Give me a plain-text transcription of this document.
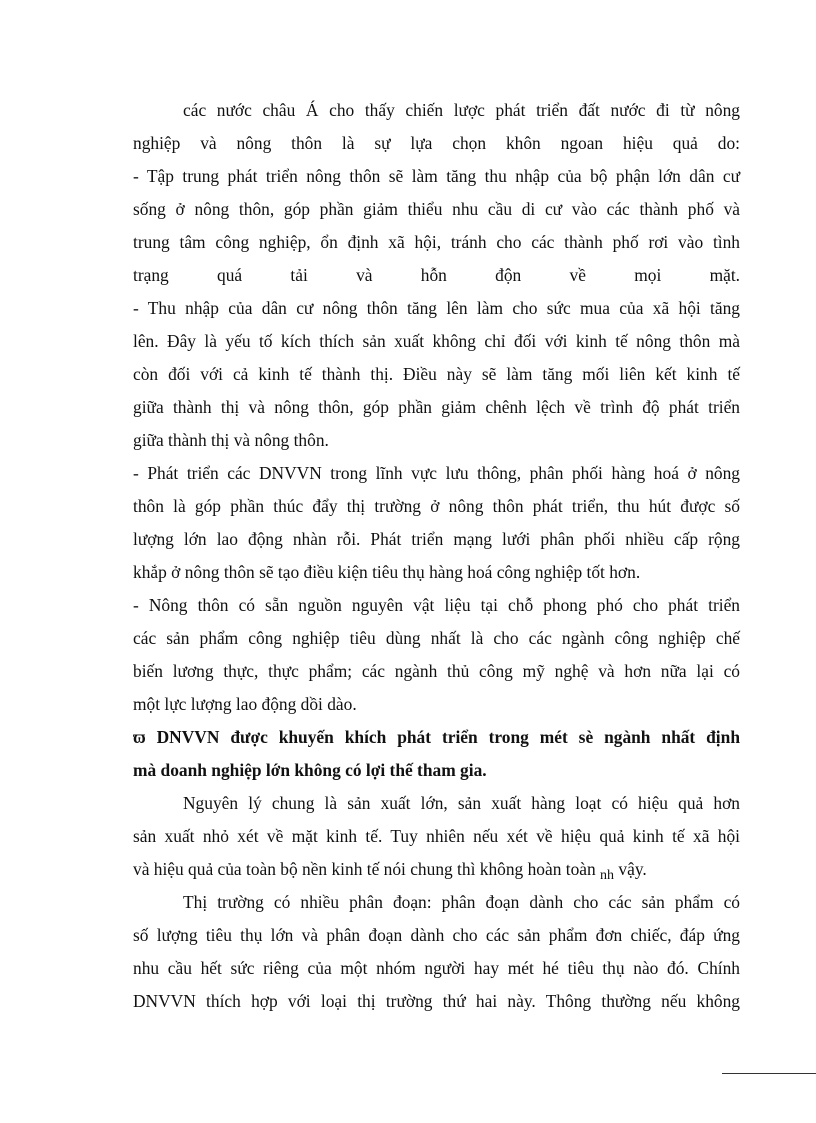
các nước châu Á cho thấy chiến lược phát triển đất nước đi từ nông
nghiệp và nông thôn là sự lựa chọn khôn ngoan hiệu quả do:
- Tập trung phát triển nông thôn sẽ làm tăng thu nhập của bộ phận lớn dân cư
sống ở nông thôn, góp phần giảm thiểu nhu cầu di cư vào các thành phố và
trung tâm công nghiệp, ổn định xã hội, tránh cho các thành phố rơi vào tình
trạng quá tải và hỗn độn về mọi mặt.
- Thu nhập của dân cư nông thôn tăng lên làm cho sức mua của xã hội tăng
lên. Đây là yếu tố kích thích sản xuất không chỉ đối với kinh tế nông thôn mà
còn đối với cả kinh tế thành thị. Điều này sẽ làm tăng mối liên kết kinh tế
giữa thành thị và nông thôn, góp phần giảm chênh lệch về trình độ phát triển
giữa thành thị và nông thôn.
- Phát triển các DNVVN trong lĩnh vực lưu thông, phân phối hàng hoá ở nông
thôn là góp phần thúc đẩy thị trường ở nông thôn phát triển, thu hút được số
lượng lớn lao động nhàn rỗi. Phát triển mạng lưới phân phối nhiều cấp rộng
khắp ở nông thôn sẽ tạo điều kiện tiêu thụ hàng hoá công nghiệp tốt hơn.
- Nông thôn có sẵn nguồn nguyên vật liệu tại chỗ phong phó cho phát triển
các sản phẩm công nghiệp tiêu dùng nhất là cho các ngành công nghiệp chế
biến lương thực, thực phẩm; các ngành thủ công mỹ nghệ và hơn nữa lại có
một lực lượng lao động dồi dào.
ϖ DNVVN được khuyến khích phát triển trong mét sè ngành nhất định
mà doanh nghiệp lớn không có lợi thế tham gia.
Nguyên lý chung là sản xuất lớn, sản xuất hàng loạt có hiệu quả hơn
sản xuất nhỏ xét về mặt kinh tế. Tuy nhiên nếu xét về hiệu quả kinh tế xã hội
và hiệu quả của toàn bộ nền kinh tế nói chung thì không hoàn toàn $_{nh}$ vậy.
Thị trường có nhiều phân đoạn: phân đoạn dành cho các sản phẩm có
số lượng tiêu thụ lớn và phân đoạn dành cho các sản phẩm đơn chiếc, đáp ứng
nhu cầu hết sức riêng của một nhóm người hay mét hé tiêu thụ nào đó. Chính
DNVVN thích hợp với loại thị trường thứ hai này. Thông thường nếu không
